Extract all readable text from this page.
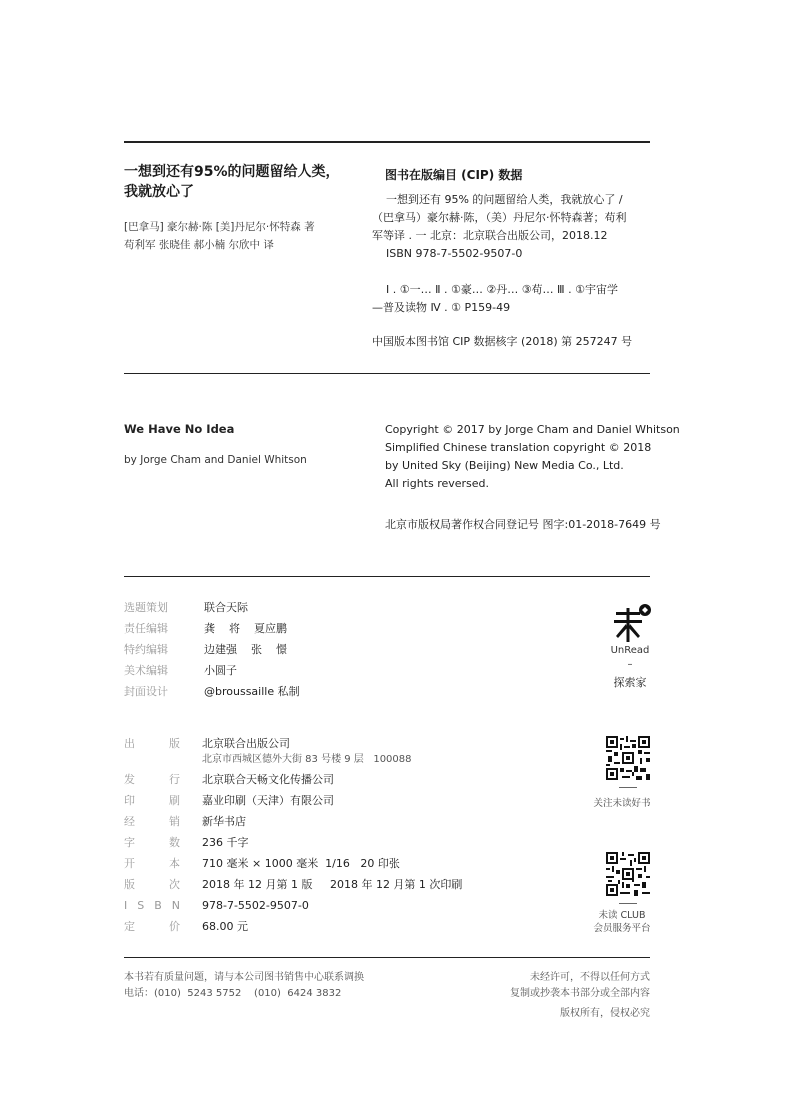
一想到还有95%的问题留给人类，
我就放心了
[巴拿马] 豪尔赫·陈 [美]丹尼尔·怀特森 著
苟利军 张晓佳 郝小楠 尔欣中 译
图书在版编目 (CIP) 数据
一想到还有 95% 的问题留给人类，我就放心了 /
（巴拿马）豪尔赫·陈，（美）丹尼尔·怀特森著；苟利
军等译 . 一 北京：北京联合出版公司，2018.12
ISBN 978-7-5502-9507-0
Ⅰ . ①一… Ⅱ . ①豪… ②丹… ③苟… Ⅲ . ①宇宙学
—普及读物 Ⅳ . ① P159-49
中国版本图书馆 CIP 数据核字 (2018) 第 257247 号
We Have No Idea
by Jorge Cham and Daniel Whitson
Copyright © 2017 by Jorge Cham and Daniel Whitson
Simplified Chinese translation copyright © 2018
by United Sky (Beijing) New Media Co., Ltd.
All rights reversed.
北京市版权局著作权合同登记号 图字:01-2018-7649 号
选题策划	联合天际
责任编辑	龚    将    夏应鹏
特约编辑	边建强    张    憬
美术编辑	小圆子
封面设计	@broussaille 私制
UnRead
–
探索家
出	版 北京联合出版公司
北京市西城区德外大街 83 号楼 9 层   100088
发	行 北京联合天畅文化传播公司
印	刷 嘉业印刷（天津）有限公司
经	销 新华书店
字	数 236 千字
开	本 710 毫米 × 1000 毫米  1/16   20 印张
版	次 2018 年 12 月第 1 版     2018 年 12 月第 1 次印刷
I S B N 978-7-5502-9507-0
定	价 68.00 元
关注未读好书
未读 CLUB
会员服务平台
本书若有质量问题，请与本公司图书销售中心联系调换
电话：(010)  5243 5752    (010)  6424 3832
未经许可，不得以任何方式
复制或抄袭本书部分或全部内容
版权所有，侵权必究
